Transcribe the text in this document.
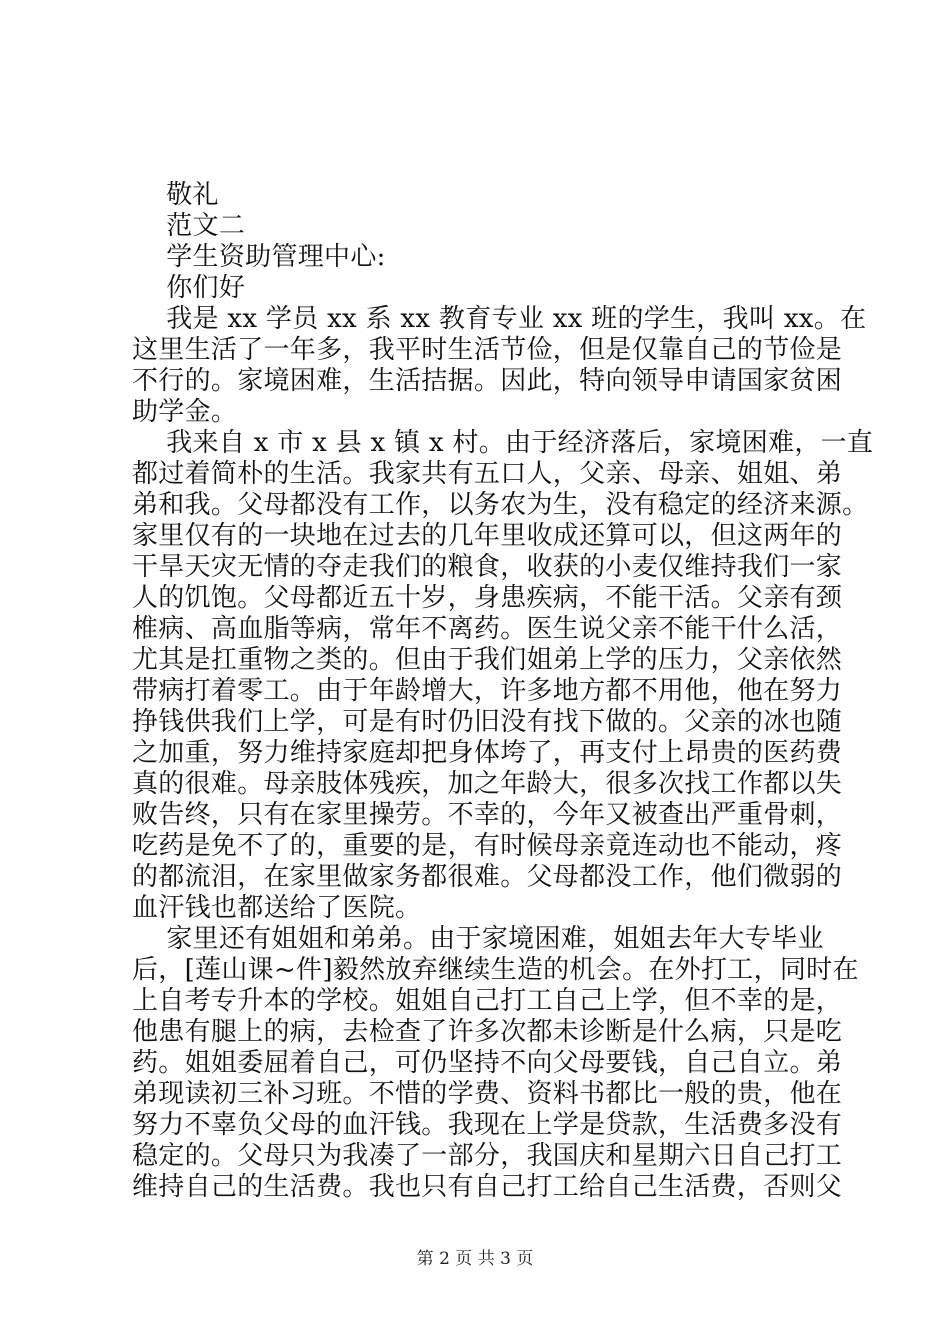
敬礼
范文二
学生资助管理中心:
你们好
我是 xx 学员 xx 系 xx 教育专业 xx 班的学生，我叫 xx。在
这里生活了一年多，我平时生活节俭，但是仅靠自己的节俭是
不行的。家境困难，生活拮据。因此，特向领导申请国家贫困
助学金。
我来自 x 市 x 县 x 镇 x 村。由于经济落后，家境困难，一直
都过着简朴的生活。我家共有五口人，父亲、母亲、姐姐、弟
弟和我。父母都没有工作，以务农为生，没有稳定的经济来源。
家里仅有的一块地在过去的几年里收成还算可以，但这两年的
干旱天灾无情的夺走我们的粮食，收获的小麦仅维持我们一家
人的饥饱。父母都近五十岁，身患疾病，不能干活。父亲有颈
椎病、高血脂等病，常年不离药。医生说父亲不能干什么活，
尤其是扛重物之类的。但由于我们姐弟上学的压力，父亲依然
带病打着零工。由于年龄增大，许多地方都不用他，他在努力
挣钱供我们上学，可是有时仍旧没有找下做的。父亲的冰也随
之加重，努力维持家庭却把身体垮了，再支付上昂贵的医药费
真的很难。母亲肢体残疾，加之年龄大，很多次找工作都以失
败告终，只有在家里操劳。不幸的，今年又被查出严重骨刺，
吃药是免不了的，重要的是，有时候母亲竟连动也不能动，疼
的都流泪，在家里做家务都很难。父母都没工作，他们微弱的
血汗钱也都送给了医院。
家里还有姐姐和弟弟。由于家境困难，姐姐去年大专毕业
后，[莲山课~件]毅然放弃继续生造的机会。在外打工，同时在
上自考专升本的学校。姐姐自己打工自己上学，但不幸的是，
他患有腿上的病，去检查了许多次都未诊断是什么病，只是吃
药。姐姐委屈着自己，可仍坚持不向父母要钱，自己自立。弟
弟现读初三补习班。不惜的学费、资料书都比一般的贵，他在
努力不辜负父母的血汗钱。我现在上学是贷款，生活费多没有
稳定的。父母只为我凑了一部分，我国庆和星期六日自己打工
维持自己的生活费。我也只有自己打工给自己生活费，否则父
第 2 页 共 3 页
